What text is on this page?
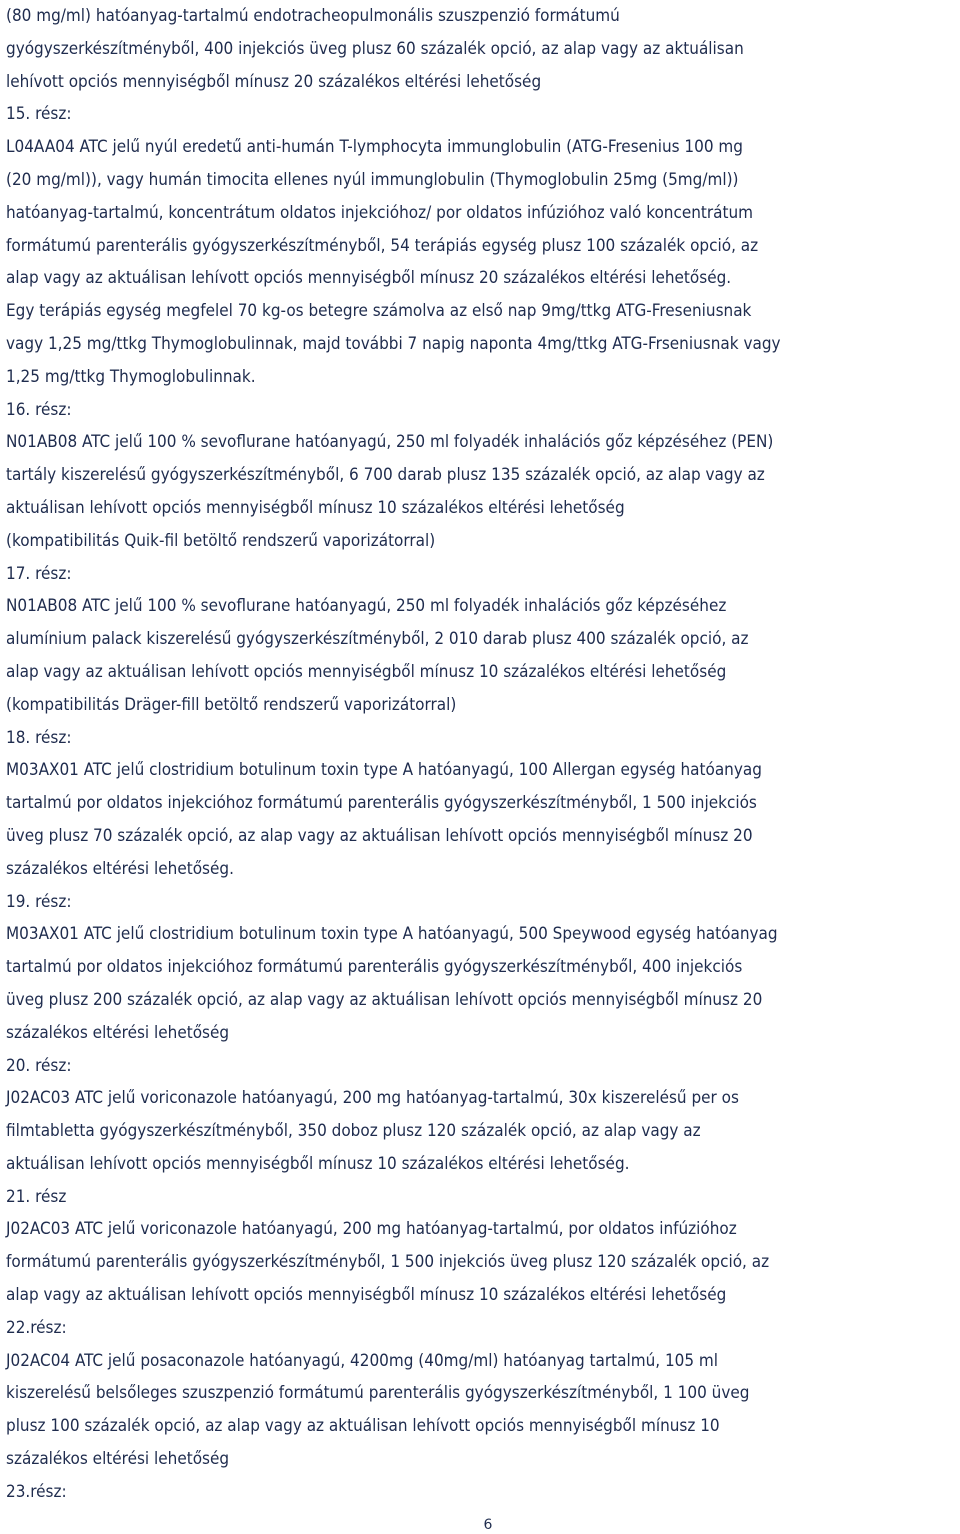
(80 mg/ml) hatóanyag-tartalmú endotracheopulmonális szuszpenzió formátumú
gyógyszerkészítményből, 400 injekciós üveg plusz 60 százalék opció, az alap vagy az aktuálisan
lehívott opciós mennyiségből mínusz 20 százalékos eltérési lehetőség
15. rész:
L04AA04 ATC jelű nyúl eredetű anti-humán T-lymphocyta immunglobulin (ATG-Fresenius 100 mg
(20 mg/ml)), vagy humán timocita ellenes nyúl immunglobulin (Thymoglobulin 25mg (5mg/ml))
hatóanyag-tartalmú, koncentrátum oldatos injekcióhoz/ por oldatos infúzióhoz való koncentrátum
formátumú parenterális gyógyszerkészítményből, 54 terápiás egység plusz 100 százalék opció, az
alap vagy az aktuálisan lehívott opciós mennyiségből mínusz 20 százalékos eltérési lehetőség.
Egy terápiás egység megfelel 70 kg-os betegre számolva az első nap 9mg/ttkg ATG-Freseniusnak
vagy 1,25 mg/ttkg Thymoglobulinnak, majd további 7 napig naponta 4mg/ttkg ATG-Frseniusnak vagy
1,25 mg/ttkg Thymoglobulinnak.
16. rész:
N01AB08 ATC jelű 100 % sevoflurane hatóanyagú, 250 ml folyadék inhalációs gőz képzéséhez (PEN)
tartály kiszerelésű gyógyszerkészítményből, 6 700 darab plusz 135 százalék opció, az alap vagy az
aktuálisan lehívott opciós mennyiségből mínusz 10 százalékos eltérési lehetőség
(kompatibilitás Quik-fil betöltő rendszerű vaporizátorral)
17. rész:
N01AB08 ATC jelű 100 % sevoflurane hatóanyagú, 250 ml folyadék inhalációs gőz képzéséhez
alumínium palack kiszerelésű gyógyszerkészítményből, 2 010 darab plusz 400 százalék opció, az
alap vagy az aktuálisan lehívott opciós mennyiségből mínusz 10 százalékos eltérési lehetőség
(kompatibilitás Dräger-fill betöltő rendszerű vaporizátorral)
18. rész:
M03AX01 ATC jelű clostridium botulinum toxin type A hatóanyagú, 100 Allergan egység hatóanyag
tartalmú por oldatos injekcióhoz formátumú parenterális gyógyszerkészítményből, 1 500 injekciós
üveg plusz 70 százalék opció, az alap vagy az aktuálisan lehívott opciós mennyiségből mínusz 20
százalékos eltérési lehetőség.
19. rész:
M03AX01 ATC jelű clostridium botulinum toxin type A hatóanyagú, 500 Speywood egység hatóanyag
tartalmú por oldatos injekcióhoz formátumú parenterális gyógyszerkészítményből, 400 injekciós
üveg plusz 200 százalék opció, az alap vagy az aktuálisan lehívott opciós mennyiségből mínusz 20
százalékos eltérési lehetőség
20. rész:
J02AC03 ATC jelű voriconazole hatóanyagú, 200 mg hatóanyag-tartalmú, 30x kiszerelésű per os
filmtabletta gyógyszerkészítményből, 350 doboz plusz 120 százalék opció, az alap vagy az
aktuálisan lehívott opciós mennyiségből mínusz 10 százalékos eltérési lehetőség.
21. rész
J02AC03 ATC jelű voriconazole hatóanyagú, 200 mg hatóanyag-tartalmú, por oldatos infúzióhoz
formátumú parenterális gyógyszerkészítményből, 1 500 injekciós üveg plusz 120 százalék opció, az
alap vagy az aktuálisan lehívott opciós mennyiségből mínusz 10 százalékos eltérési lehetőség
22.rész:
J02AC04 ATC jelű posaconazole hatóanyagú, 4200mg (40mg/ml) hatóanyag tartalmú, 105 ml
kiszerelésű belsőleges szuszpenzió formátumú parenterális gyógyszerkészítményből, 1 100 üveg
plusz 100 százalék opció, az alap vagy az aktuálisan lehívott opciós mennyiségből mínusz 10
százalékos eltérési lehetőség
23.rész:
6
